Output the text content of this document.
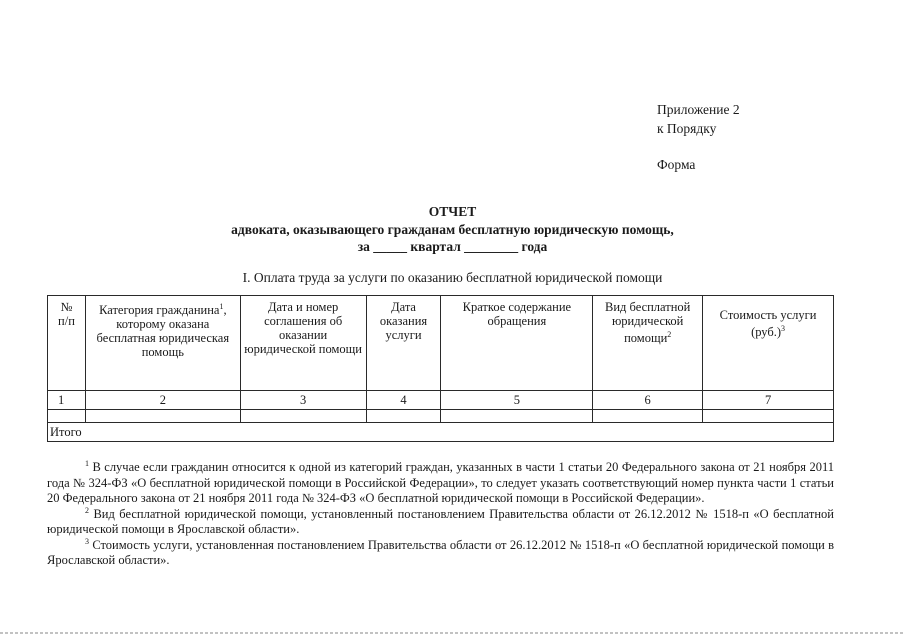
Приложение 2
к Порядку
Форма
ОТЧЕТ
адвоката, оказывающего гражданам бесплатную юридическую помощь,
за _____ квартал ________ года
I. Оплата труда за услуги по оказанию бесплатной юридической помощи
№
п/п	Категория гражданина$^1$, которому оказана бесплатная юридическая помощь	Дата и номер соглашения об оказании юридической помощи	Дата оказания услуги	Краткое содержание обращения	Вид бесплатной юридической помощи$^2$	Стоимость услуги $(руб.)^3$
1	2	3	4	5	6	7

Итого						

$^1$ В случае если гражданин относится к одной из категорий граждан, указанных в части 1 статьи 20 Федерального закона от 21 ноября 2011 года № 324-ФЗ «О бесплатной юридической помощи в Российской Федерации», то следует указать соответствующий номер пункта части 1 статьи 20 Федерального закона от 21 ноября 2011 года № 324-ФЗ «О бесплатной юридической помощи в Российской Федерации».

$^2$ Вид бесплатной юридической помощи, установленный постановлением Правительства области от 26.12.2012 № 1518-п «О бесплатной юридической помощи в Ярославской области».

$^3$ Стоимость услуги, установленная постановлением Правительства области от 26.12.2012 № 1518-п «О бесплатной юридической помощи в Ярославской области».
